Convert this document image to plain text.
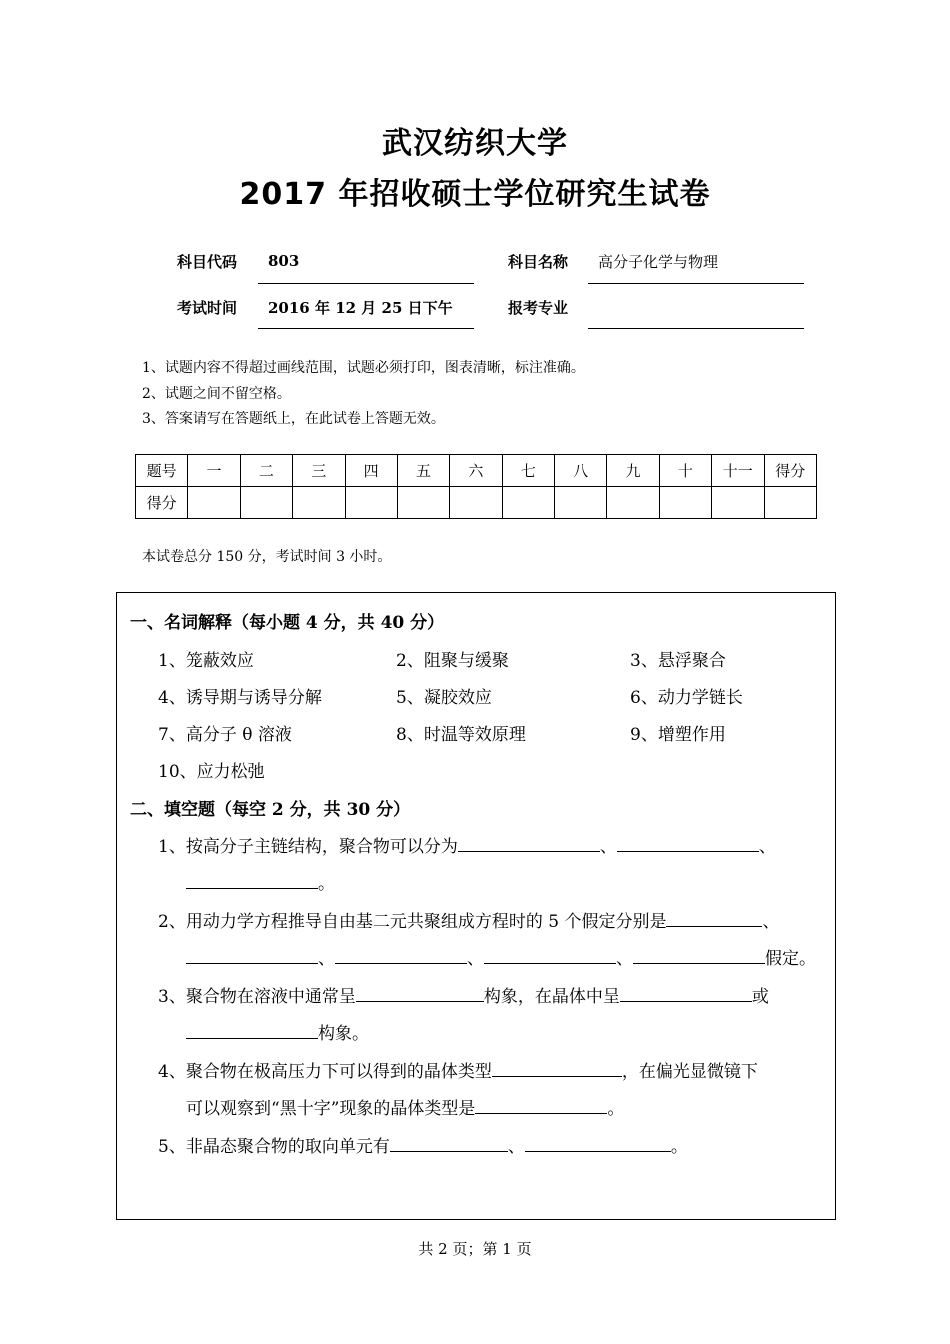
武汉纺织大学
2017 年招收硕士学位研究生试卷
科目代码 803	科目名称 高分子化学与物理
考试时间 2016 年 12 月 25 日下午	报考专业
1、试题内容不得超过画线范围，试题必须打印，图表清晰，标注准确。
2、试题之间不留空格。
3、答案请写在答题纸上，在此试卷上答题无效。
题号	一	二	三	四	五	六	七	八	九	十	十一	得分
得分												
本试卷总分 150 分，考试时间 3 小时。
一、名词解释（每小题 4 分，共 40 分）
1、笼蔽效应	2、阻聚与缓聚	3、悬浮聚合
4、诱导期与诱导分解	5、凝胶效应	6、动力学链长
7、高分子 θ 溶液	8、时温等效原理	9、增塑作用
10、应力松弛
二、填空题（每空 2 分，共 30 分）
1、按高分子主链结构，聚合物可以分为	、	、
。
2、用动力学方程推导自由基二元共聚组成方程时的 5 个假定分别是	、
、	、	、	假定。
3、聚合物在溶液中通常呈	构象，在晶体中呈	或
构象。
4、聚合物在极高压力下可以得到的晶体类型	，在偏光显微镜下
可以观察到“黑十字”现象的晶体类型是	。
5、非晶态聚合物的取向单元有	、	。
共 2 页；第 1 页
